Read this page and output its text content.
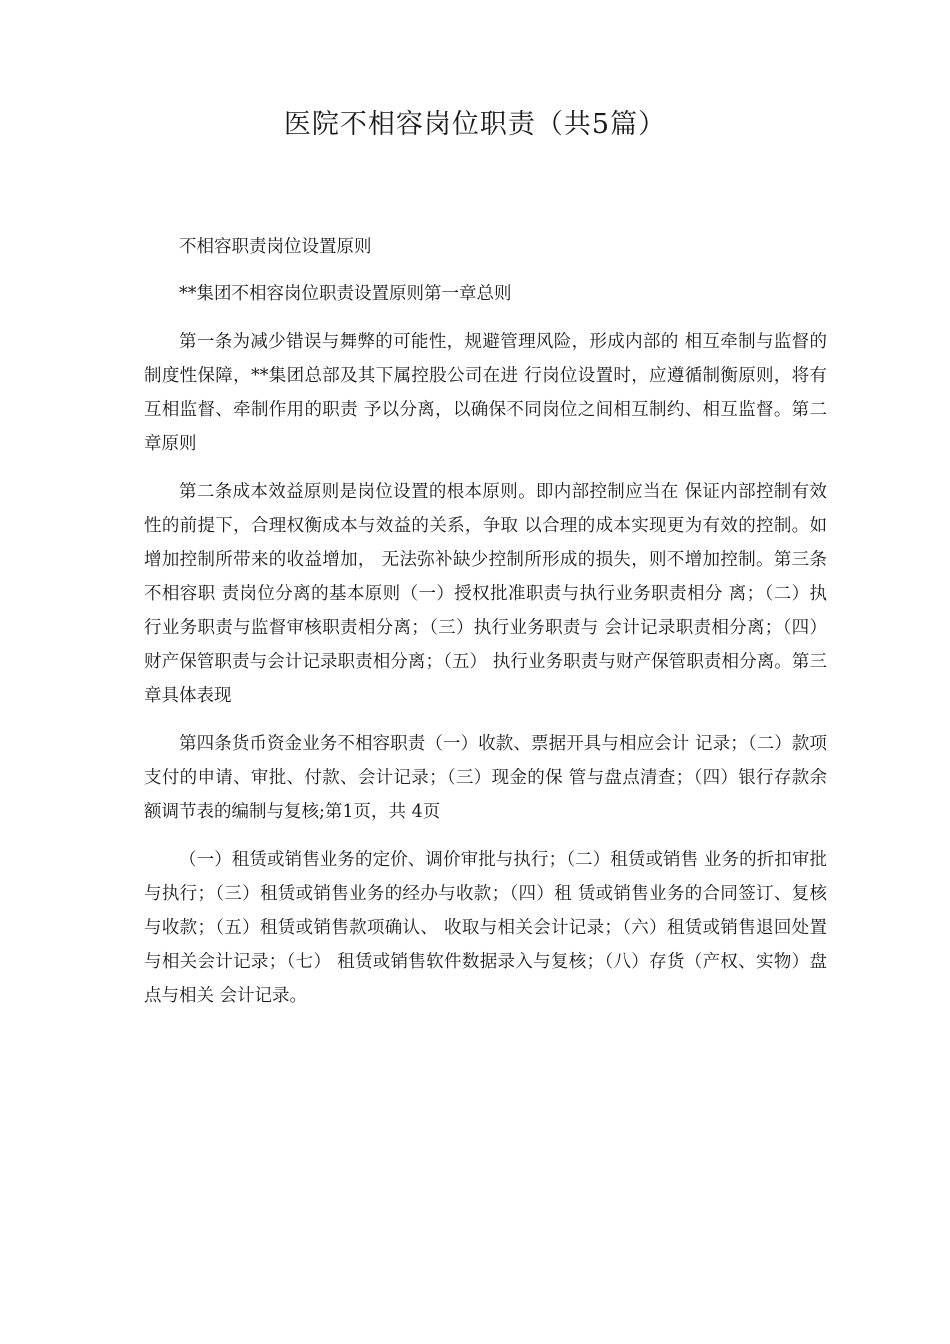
医院不相容岗位职责（共5篇）

不相容职责岗位设置原则

**集团不相容岗位职责设置原则第一章总则

第一条为减少错误与舞弊的可能性，规避管理风险，形成内部的 相互牵制与监督的制度性保障，**集团总部及其下属控股公司在进 行岗位设置时，应遵循制衡原则，将有互相监督、牵制作用的职责 予以分离，以确保不同岗位之间相互制约、相互监督。第二章原则

第二条成本效益原则是岗位设置的根本原则。即内部控制应当在 保证内部控制有效性的前提下，合理权衡成本与效益的关系，争取 以合理的成本实现更为有效的控制。如增加控制所带来的收益增加， 无法弥补缺少控制所形成的损失，则不增加控制。第三条不相容职 责岗位分离的基本原则（一）授权批准职责与执行业务职责相分 离；（二）执行业务职责与监督审核职责相分离；（三）执行业务职责与 会计记录职责相分离；（四）财产保管职责与会计记录职责相分离；（五） 执行业务职责与财产保管职责相分离。第三章具体表现

第四条货币资金业务不相容职责（一）收款、票据开具与相应会计 记录；（二）款项支付的申请、审批、付款、会计记录；（三）现金的保 管与盘点清查；（四）银行存款余额调节表的编制与复核;第1页，共 4页

（一）租赁或销售业务的定价、调价审批与执行；（二）租赁或销售 业务的折扣审批与执行；（三）租赁或销售业务的经办与收款；（四）租 赁或销售业务的合同签订、复核与收款；（五）租赁或销售款项确认、 收取与相关会计记录；（六）租赁或销售退回处置与相关会计记录；（七） 租赁或销售软件数据录入与复核；（八）存货（产权、实物）盘点与相关 会计记录。
